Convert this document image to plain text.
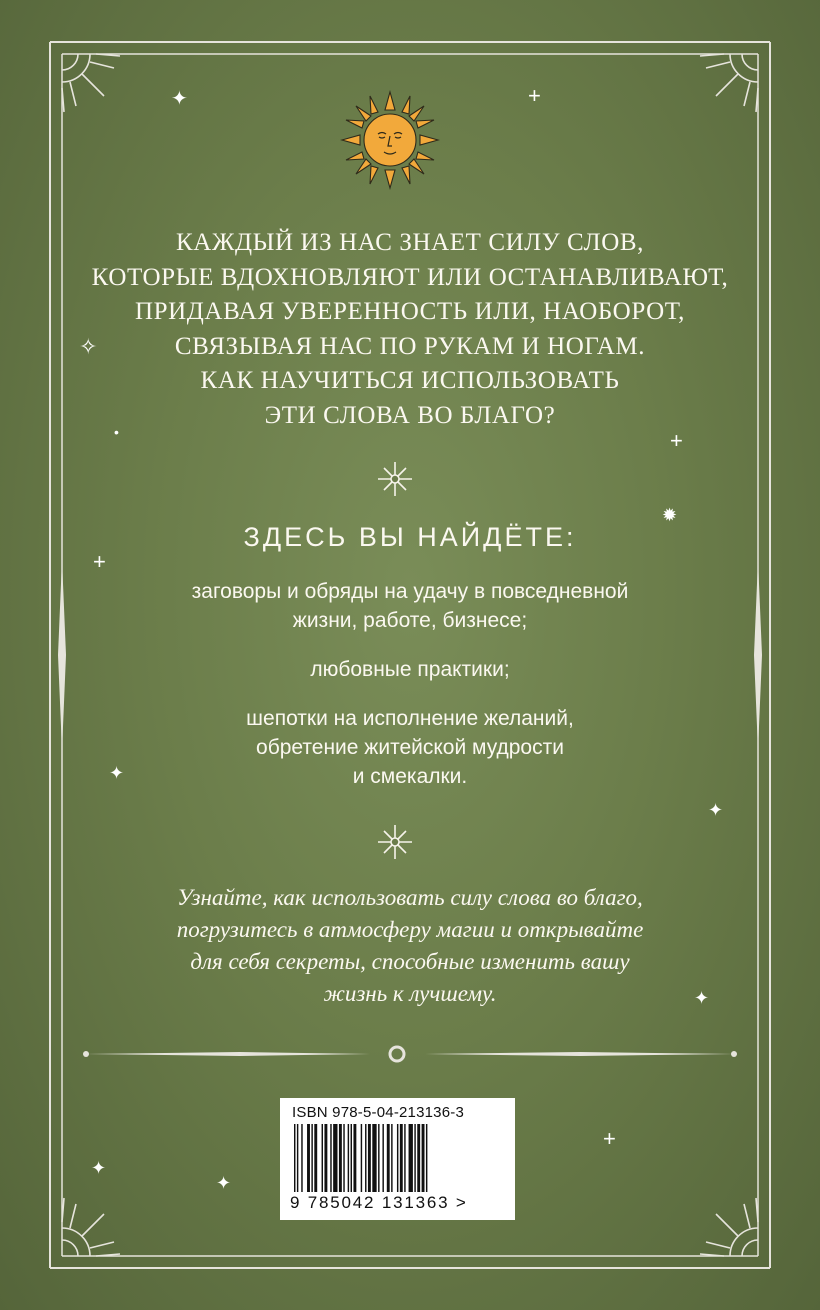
КАЖДЫЙ ИЗ НАС ЗНАЕТ СИЛУ СЛОВ,
КОТОРЫЕ ВДОХНОВЛЯЮТ ИЛИ ОСТАНАВЛИВАЮТ,
ПРИДАВАЯ УВЕРЕННОСТЬ ИЛИ, НАОБОРОТ,
СВЯЗЫВАЯ НАС ПО РУКАМ И НОГАМ.
КАК НАУЧИТЬСЯ ИСПОЛЬЗОВАТЬ
ЭТИ СЛОВА ВО БЛАГО?
ЗДЕСЬ ВЫ НАЙДЁТЕ:
заговоры и обряды на удачу в повседневной
жизни, работе, бизнесе;
любовные практики;
шепотки на исполнение желаний,
обретение житейской мудрости
и смекалки.
Узнайте, как использовать силу слова во благо,
погрузитесь в атмосферу магии и открывайте
для себя секреты, способные изменить вашу
жизнь к лучшему.
ISBN 978-5-04-213136-3
9 785042 131363 >
✦	+
✧
•	+
✹
+
✦
✦
✦
+
✦
✦
